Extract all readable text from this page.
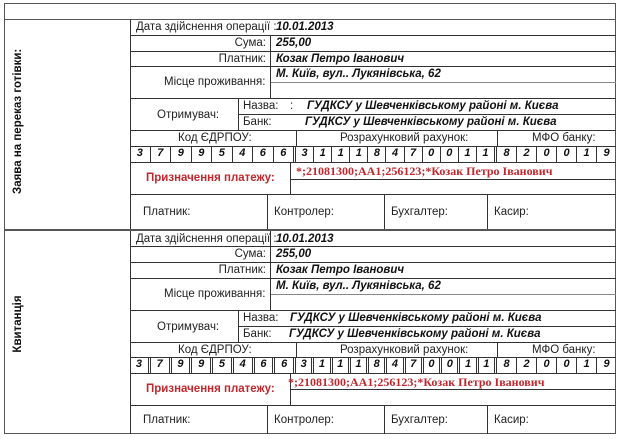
Заява на переказ готівки:
Дата здійснення операції : 10.01.2013
Сума: 255,00
Платник: Козак Петро Іванович
Місце проживання:
М. Київ, вул.. Лукянівська, 62
Отримувач:
Назва: : ГУДКСУ у Шевченківському районі м. Києва
Банк:	ГУДКСУ у Шевченківському районі м. Києва
Код ЄДРПОУ:	Розрахунковий рахунок:	МФО банку:
3	7	9	9	5	4	6	6	3	1	1	1	8	4	7	0	0	1	1	8	2	0	0	1	9
Призначення платежу: *;21081300;AA1;256123;*Козак Петро Іванович
Платник:	Контролер:	Бухгалтер:	Касир:
Квитанція
Дата здійснення операції : 10.01.2013
Сума: 255,00
Платник: Козак Петро Іванович
Місце проживання:
М. Київ, вул.. Лукянівська, 62
Отримувач:
Назва: ГУДКСУ у Шевченківському районі м. Києва
Банк: ГУДКСУ у Шевченківському районі м. Києва
Код ЄДРПОУ:	Розрахунковий рахунок:	МФО банку:
3	7	9	9	5	4	6	6	3	1	1	1	8	4	7	0	0	1	1	8	2	0	0	1	9
Призначення платежу: *;21081300;AA1;256123;*Козак Петро Іванович
Платник:	Контролер:	Бухгалтер:	Касир:
